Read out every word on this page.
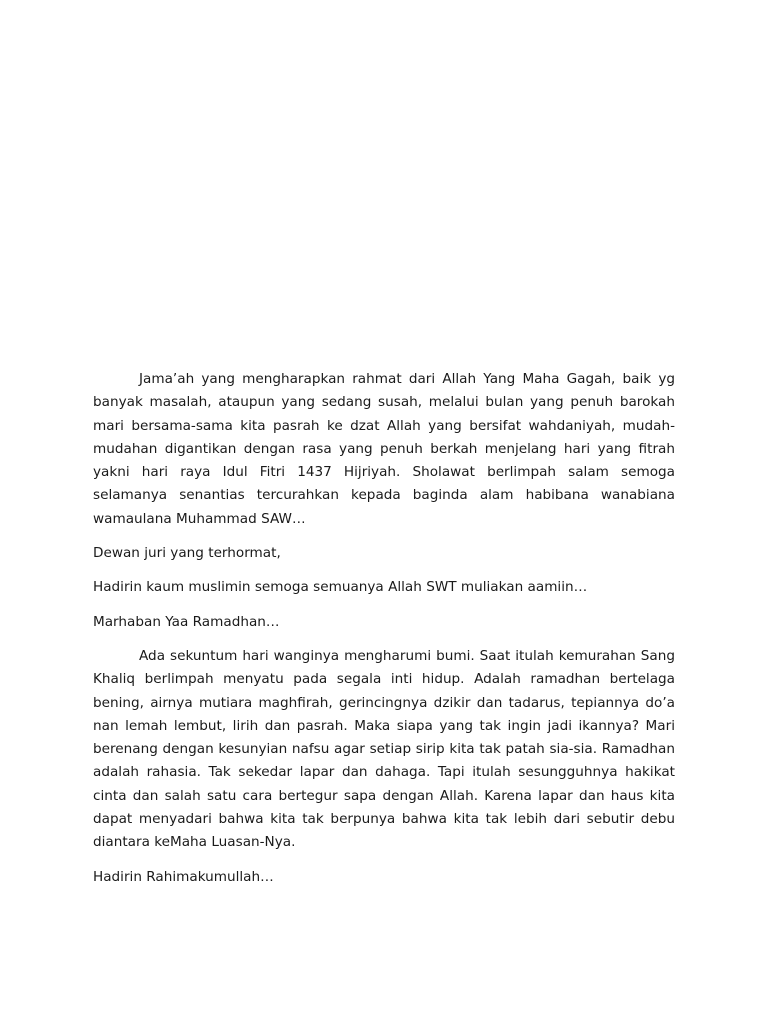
Jama’ah yang mengharapkan rahmat dari Allah Yang Maha Gagah, baik yg banyak masalah, ataupun yang sedang susah, melalui bulan yang penuh barokah mari bersama-sama kita pasrah ke dzat Allah yang bersifat wahdaniyah, mudah-mudahan digantikan dengan rasa yang penuh berkah menjelang hari yang fitrah yakni hari raya Idul Fitri 1437 Hijriyah. Sholawat berlimpah salam semoga selamanya senantias tercurahkan kepada baginda alam habibana wanabiana wamaulana Muhammad SAW…

Dewan juri yang terhormat,

Hadirin kaum muslimin semoga semuanya Allah SWT muliakan aamiin…

Marhaban Yaa Ramadhan…

Ada sekuntum hari wanginya mengharumi bumi. Saat itulah kemurahan Sang Khaliq berlimpah menyatu pada segala inti hidup. Adalah ramadhan bertelaga bening, airnya mutiara maghfirah, gerincingnya dzikir dan tadarus, tepiannya do’a nan lemah lembut, lirih dan pasrah. Maka siapa yang tak ingin jadi ikannya? Mari berenang dengan kesunyian nafsu agar setiap sirip kita tak patah sia-sia. Ramadhan adalah rahasia. Tak sekedar lapar dan dahaga. Tapi itulah sesungguhnya hakikat cinta dan salah satu cara bertegur sapa dengan Allah. Karena lapar dan haus kita dapat menyadari bahwa kita tak berpunya bahwa kita tak lebih dari sebutir debu diantara keMaha Luasan-Nya.

Hadirin Rahimakumullah…
